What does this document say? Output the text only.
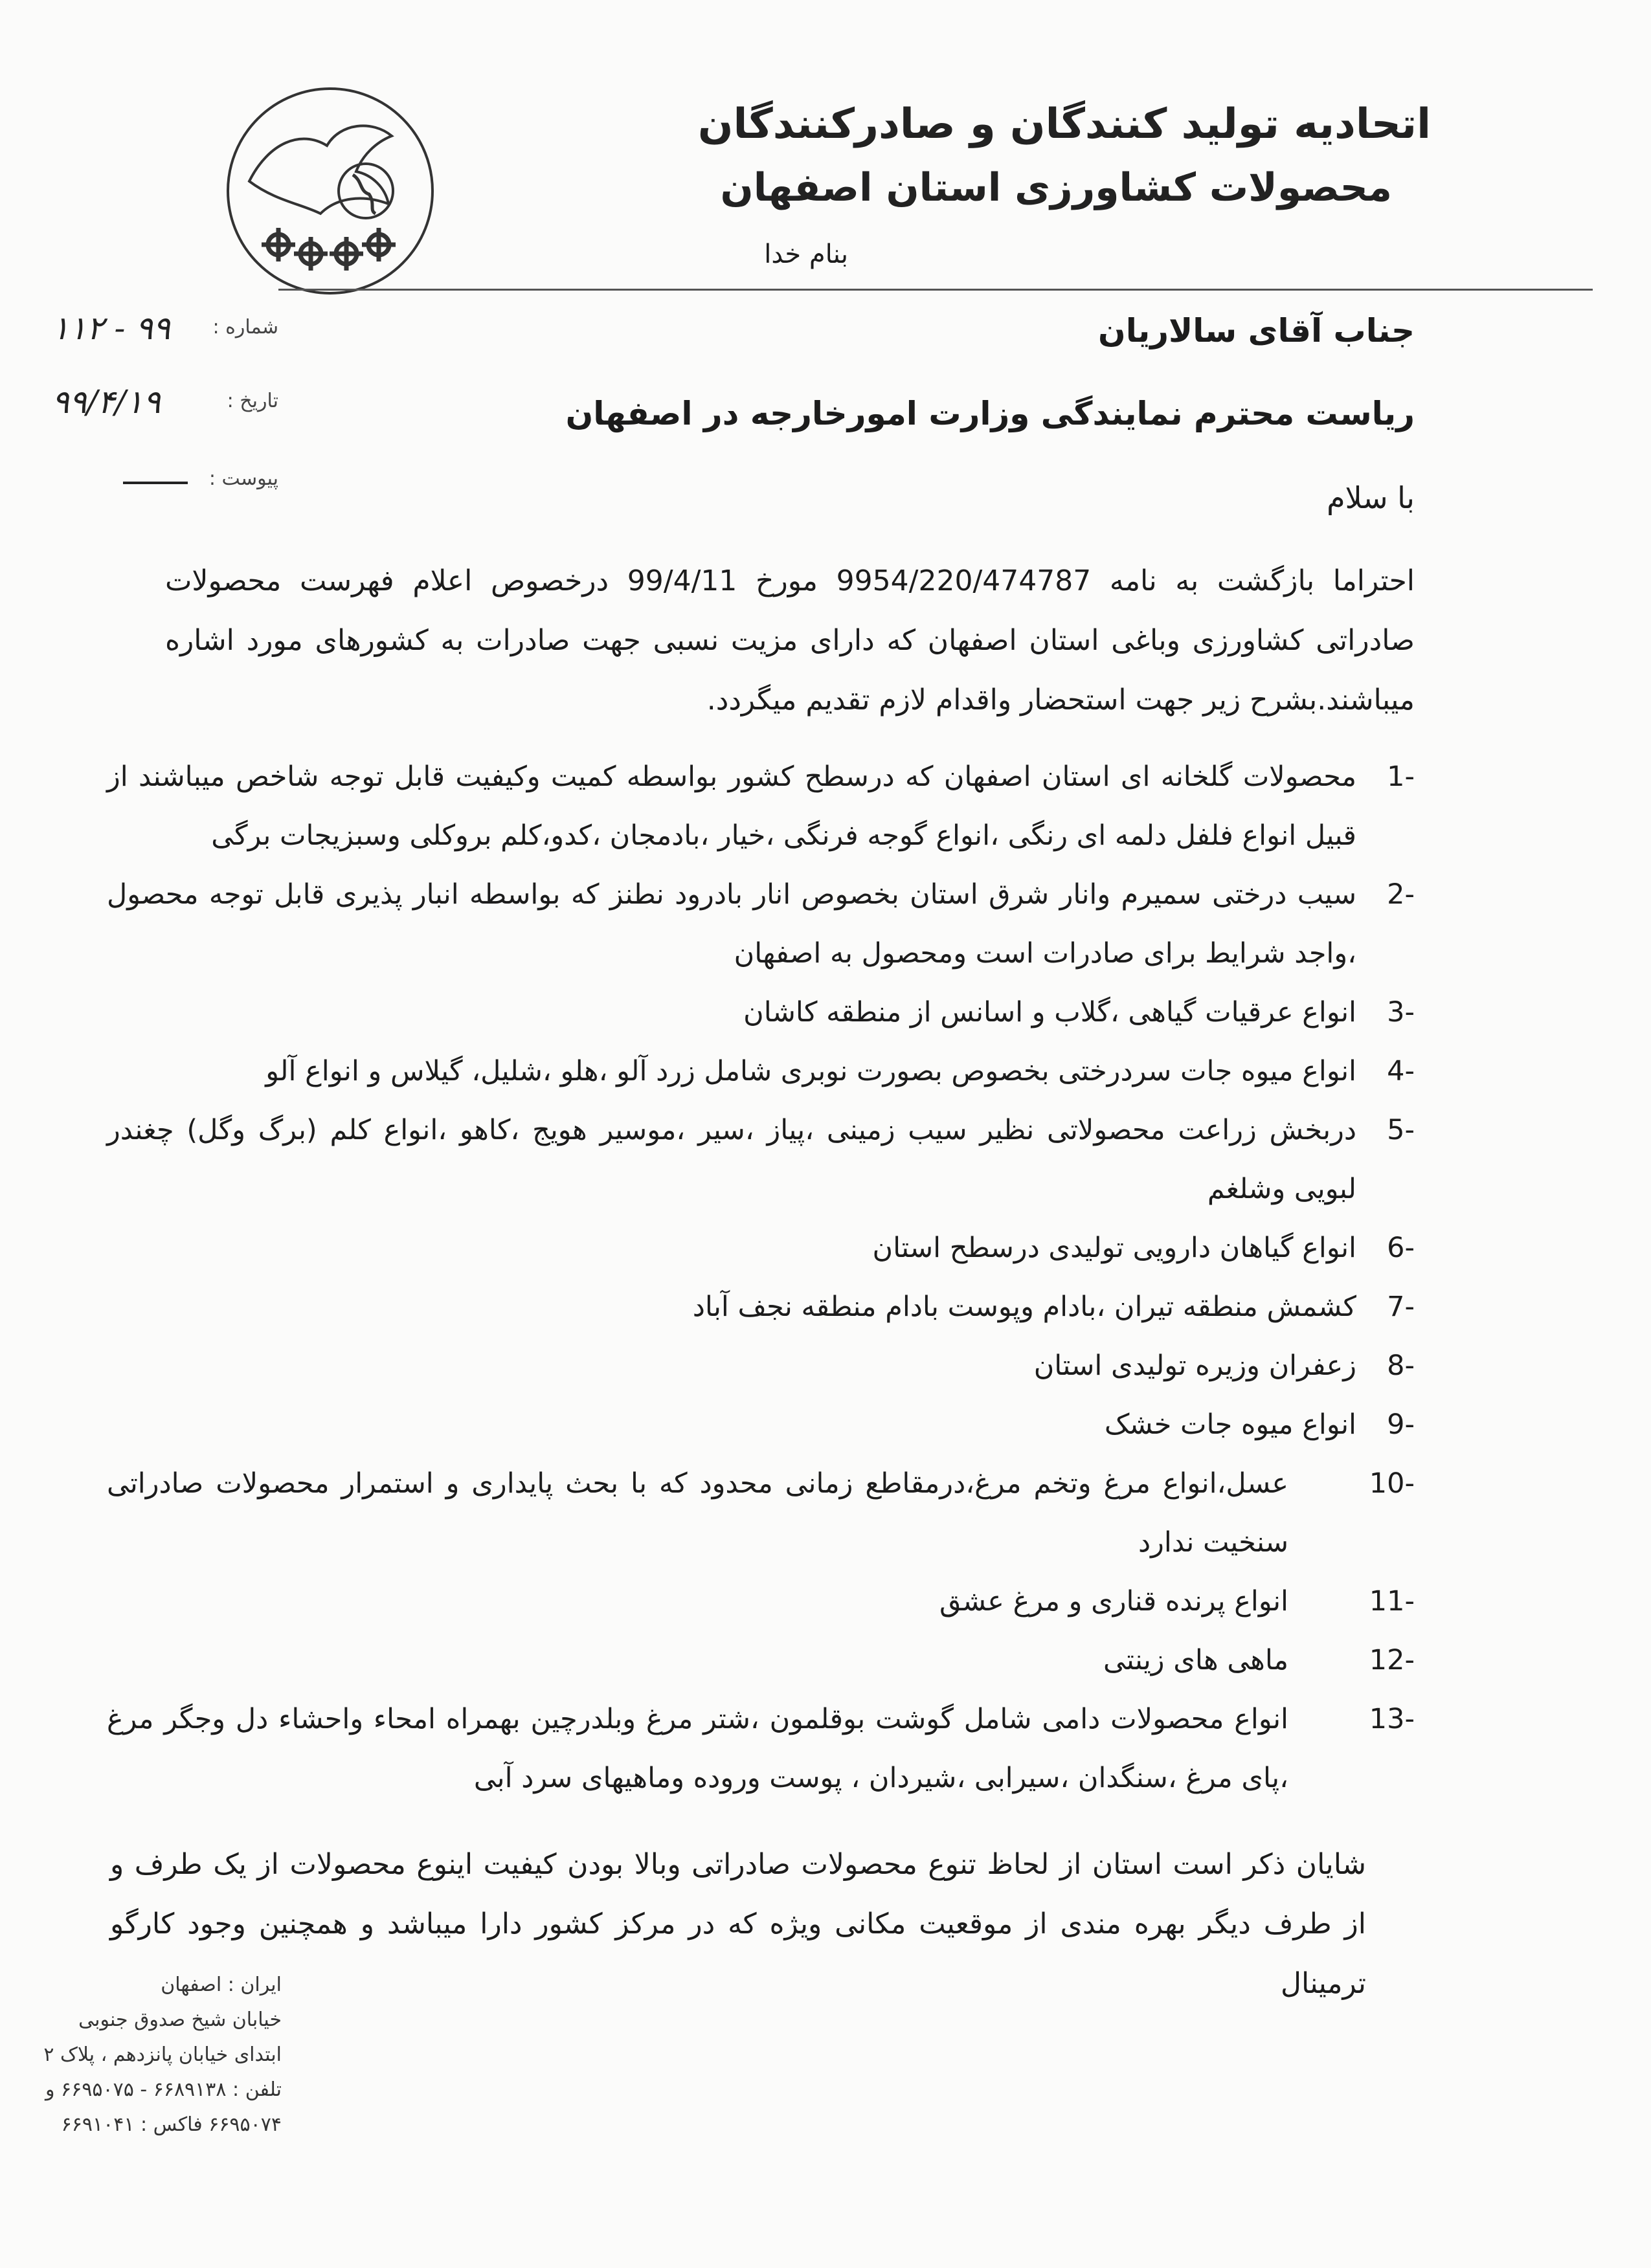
اتحادیه تولید کنندگان و صادرکنندگان
محصولات کشاورزی استان اصفهان
بنام خدا
شماره :
۱۱۲ - ۹۹
تاریخ :
۹۹/۴/۱۹
پیوست :
جناب آقای سالاریان
ریاست محترم نمایندگی وزارت امورخارجه در اصفهان
با سلام
احتراما بازگشت به نامه 9954/220/474787 مورخ 99/4/11 درخصوص اعلام فهرست محصولات صادراتی کشاورزی وباغی استان اصفهان که دارای مزیت نسبی جهت صادرات به کشورهای مورد اشاره میباشند.بشرح زیر جهت استحضار واقدام لازم تقدیم میگردد.
1-
محصولات گلخانه ای استان اصفهان که درسطح کشور بواسطه کمیت وکیفیت قابل توجه شاخص میباشند از قبیل انواع فلفل دلمه ای رنگی ،انواع گوجه فرنگی ،خیار ،بادمجان ،کدو،کلم بروکلی وسبزیجات برگی
2-
سیب درختی سمیرم وانار شرق استان بخصوص انار بادرود نطنز که بواسطه انبار پذیری قابل توجه محصول ،واجد شرایط برای صادرات است ومحصول به اصفهان
3-
انواع عرقیات گیاهی ،گلاب و اسانس از منطقه کاشان
4-
انواع میوه جات سردرختی بخصوص بصورت نوبری شامل زرد آلو ،هلو ،شلیل، گیلاس و انواع آلو
5-
دربخش زراعت محصولاتی نظیر سیب زمینی ،پیاز ،سیر ،موسیر هویج ،کاهو ،انواع کلم (برگ وگل) چغندر لبویی وشلغم
6-
انواع گیاهان دارویی تولیدی درسطح استان
7-
کشمش منطقه تیران ،بادام وپوست بادام منطقه نجف آباد
8-
زعفران وزیره تولیدی استان
9-
انواع میوه جات خشک
10-
عسل،انواع مرغ وتخم مرغ،درمقاطع زمانی محدود که با بحث پایداری و استمرار محصولات صادراتی سنخیت ندارد
11-
انواع پرنده قناری و مرغ عشق
12-
ماهی های زینتی
13-
انواع محصولات دامی شامل گوشت بوقلمون ،شتر مرغ وبلدرچین بهمراه امحاء واحشاء دل وجگر مرغ ،پای مرغ ،سنگدان ،سیرابی ،شیردان ، پوست وروده وماهیهای سرد آبی
شایان ذکر است استان از لحاظ تنوع محصولات صادراتی وبالا بودن کیفیت اینوع محصولات از یک طرف و از طرف دیگر بهره مندی از موقعیت مکانی ویژه که در مرکز کشور دارا میباشد و همچنین وجود کارگو ترمینال
ایران : اصفهان
خیابان شیخ صدوق جنوبی
ابتدای خیابان پانزدهم ، پلاک ۲
تلفن : ۶۶۸۹۱۳۸ - ۶۶۹۵۰۷۵ و
۶۶۹۵۰۷۴ فاکس : ۶۶۹۱۰۴۱
